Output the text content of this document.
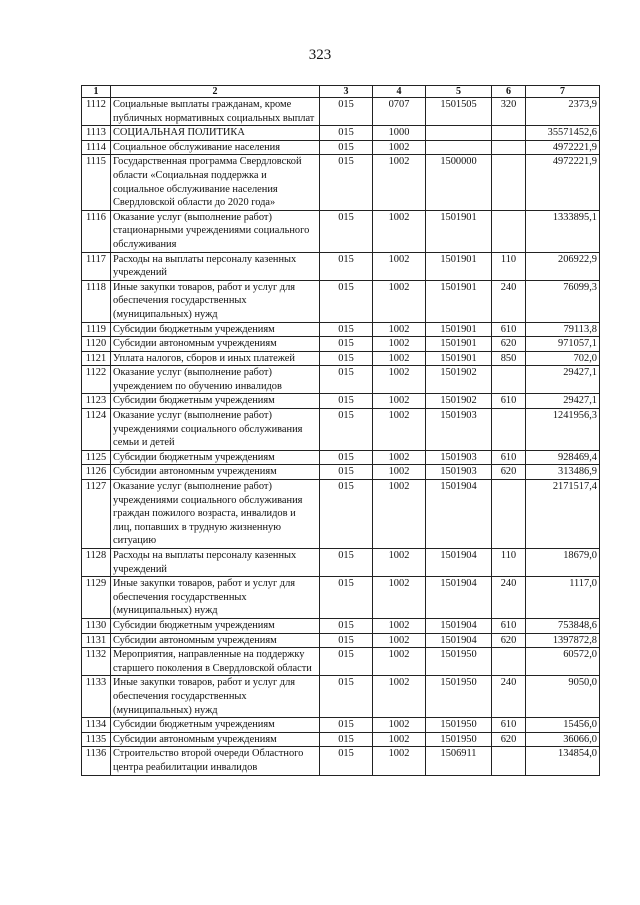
323
1	2	3	4	5	6	7
1112	Социальные выплаты гражданам, кроме публичных нормативных социальных выплат	015	0707	1501505	320	2373,9
1113	СОЦИАЛЬНАЯ ПОЛИТИКА	015	1000			35571452,6
1114	Социальное обслуживание населения	015	1002			4972221,9
1115	Государственная программа Свердловской области «Социальная поддержка и социальное обслуживание населения Свердловской области до 2020 года»	015	1002	1500000		4972221,9
1116	Оказание услуг (выполнение работ) стационарными учреждениями социального обслуживания	015	1002	1501901		1333895,1
1117	Расходы на выплаты персоналу казенных учреждений	015	1002	1501901	110	206922,9
1118	Иные закупки товаров, работ и услуг для обеспечения государственных (муниципальных) нужд	015	1002	1501901	240	76099,3
1119	Субсидии бюджетным учреждениям	015	1002	1501901	610	79113,8
1120	Субсидии автономным учреждениям	015	1002	1501901	620	971057,1
1121	Уплата налогов, сборов и иных платежей	015	1002	1501901	850	702,0
1122	Оказание услуг (выполнение работ) учреждением по обучению инвалидов	015	1002	1501902		29427,1
1123	Субсидии бюджетным учреждениям	015	1002	1501902	610	29427,1
1124	Оказание услуг (выполнение работ) учреждениями социального обслуживания семьи и детей	015	1002	1501903		1241956,3
1125	Субсидии бюджетным учреждениям	015	1002	1501903	610	928469,4
1126	Субсидии автономным учреждениям	015	1002	1501903	620	313486,9
1127	Оказание услуг (выполнение работ) учреждениями социального обслуживания граждан пожилого возраста, инвалидов и лиц, попавших в трудную жизненную ситуацию	015	1002	1501904		2171517,4
1128	Расходы на выплаты персоналу казенных учреждений	015	1002	1501904	110	18679,0
1129	Иные закупки товаров, работ и услуг для обеспечения государственных (муниципальных) нужд	015	1002	1501904	240	1117,0
1130	Субсидии бюджетным учреждениям	015	1002	1501904	610	753848,6
1131	Субсидии автономным учреждениям	015	1002	1501904	620	1397872,8
1132	Мероприятия, направленные на поддержку старшего поколения в Свердловской области	015	1002	1501950		60572,0
1133	Иные закупки товаров, работ и услуг для обеспечения государственных (муниципальных) нужд	015	1002	1501950	240	9050,0
1134	Субсидии бюджетным учреждениям	015	1002	1501950	610	15456,0
1135	Субсидии автономным учреждениям	015	1002	1501950	620	36066,0
1136	Строительство второй очереди Областного центра реабилитации инвалидов	015	1002	1506911		134854,0
